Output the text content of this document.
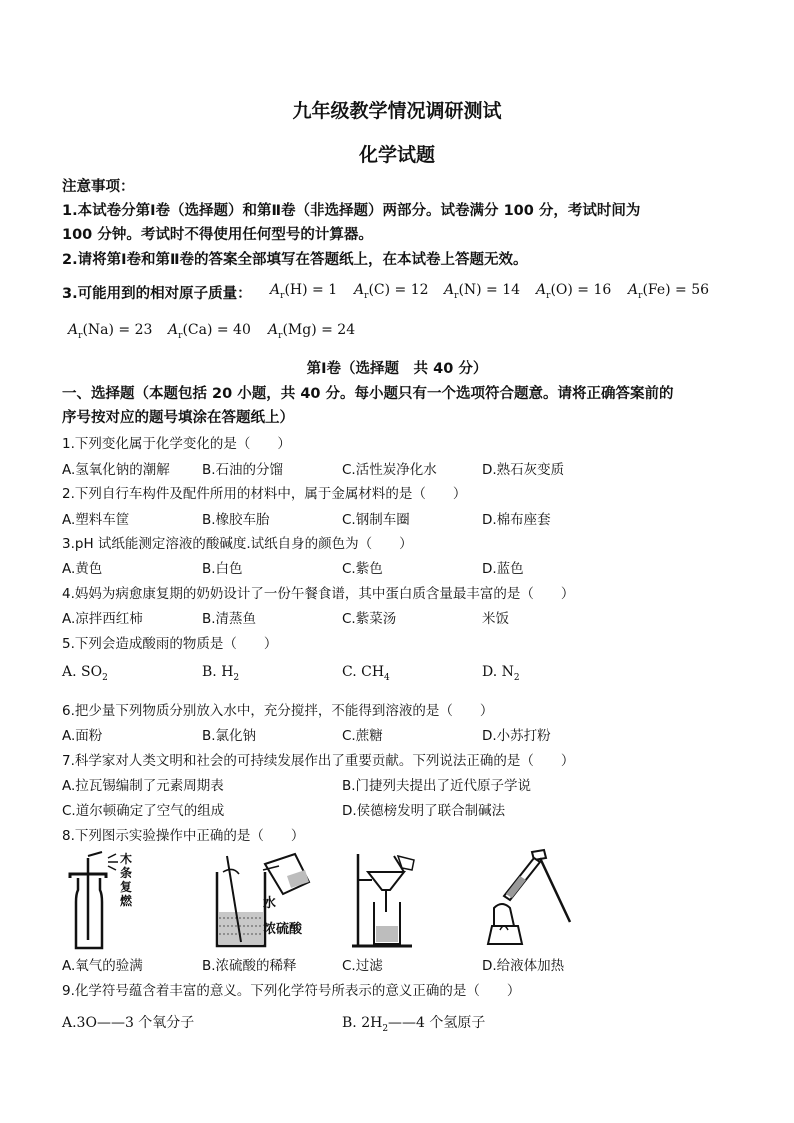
九年级教学情况调研测试
化学试题
注意事项：
1.本试卷分第Ⅰ卷（选择题）和第Ⅱ卷（非选择题）两部分。试卷满分 100 分，考试时间为
100 分钟。考试时不得使用任何型号的计算器。
2.请将第Ⅰ卷和第Ⅱ卷的答案全部填写在答题纸上，在本试卷上答题无效。
3.可能用到的相对原子质量： $A_r(H) = 1$ $A_r(C) = 12$ $A_r(N) = 14$ $A_r(O) = 16$ $A_r(Fe) = 56$
$A_r(Na) = 23$ $A_r(Ca) = 40$ $A_r(Mg) = 24$
第Ⅰ卷（选择题　共 40 分）
一、选择题（本题包括 20 小题，共 40 分。每小题只有一个选项符合题意。请将正确答案前的
序号按对应的题号填涂在答题纸上）
1.下列变化属于化学变化的是（　　）
A.氢氧化钠的潮解 B.石油的分馏	C.活性炭净化水	D.熟石灰变质
2.下列自行车构件及配件所用的材料中，属于金属材料的是（　　）
A.塑料车筐	B.橡胶车胎	C.钢制车圈	D.棉布座套
3.pH 试纸能测定溶液的酸碱度.试纸自身的颜色为（　　）
A.黄色	B.白色	C.紫色	D.蓝色
4.妈妈为病愈康复期的奶奶设计了一份午餐食谱，其中蛋白质含量最丰富的是（　　）
A.凉拌西红柿	B.清蒸鱼	C.紫菜汤	米饭
5.下列会造成酸雨的物质是（　　）
A. $SO_2$	B. $H_2$	C. $CH_4$	D. $N_2$
6.把少量下列物质分别放入水中，充分搅拌，不能得到溶液的是（　　）
A.面粉	B.氯化钠	C.蔗糖	D.小苏打粉
7.科学家对人类文明和社会的可持续发展作出了重要贡献。下列说法正确的是（　　）
A.拉瓦锡编制了元素周期表	B.门捷列夫提出了近代原子学说
C.道尔顿确定了空气的组成	D.侯德榜发明了联合制碱法
8.下列图示实验操作中正确的是（　　）
木 条 复 燃	水
浓硫酸
A.氧气的验满	B.浓硫酸的稀释	C.过滤	D.给液体加热
9.化学符号蕴含着丰富的意义。下列化学符号所表示的意义正确的是（　　）
A.3O——3 个氧分子	B. $2H_2——4$ 个氢原子
